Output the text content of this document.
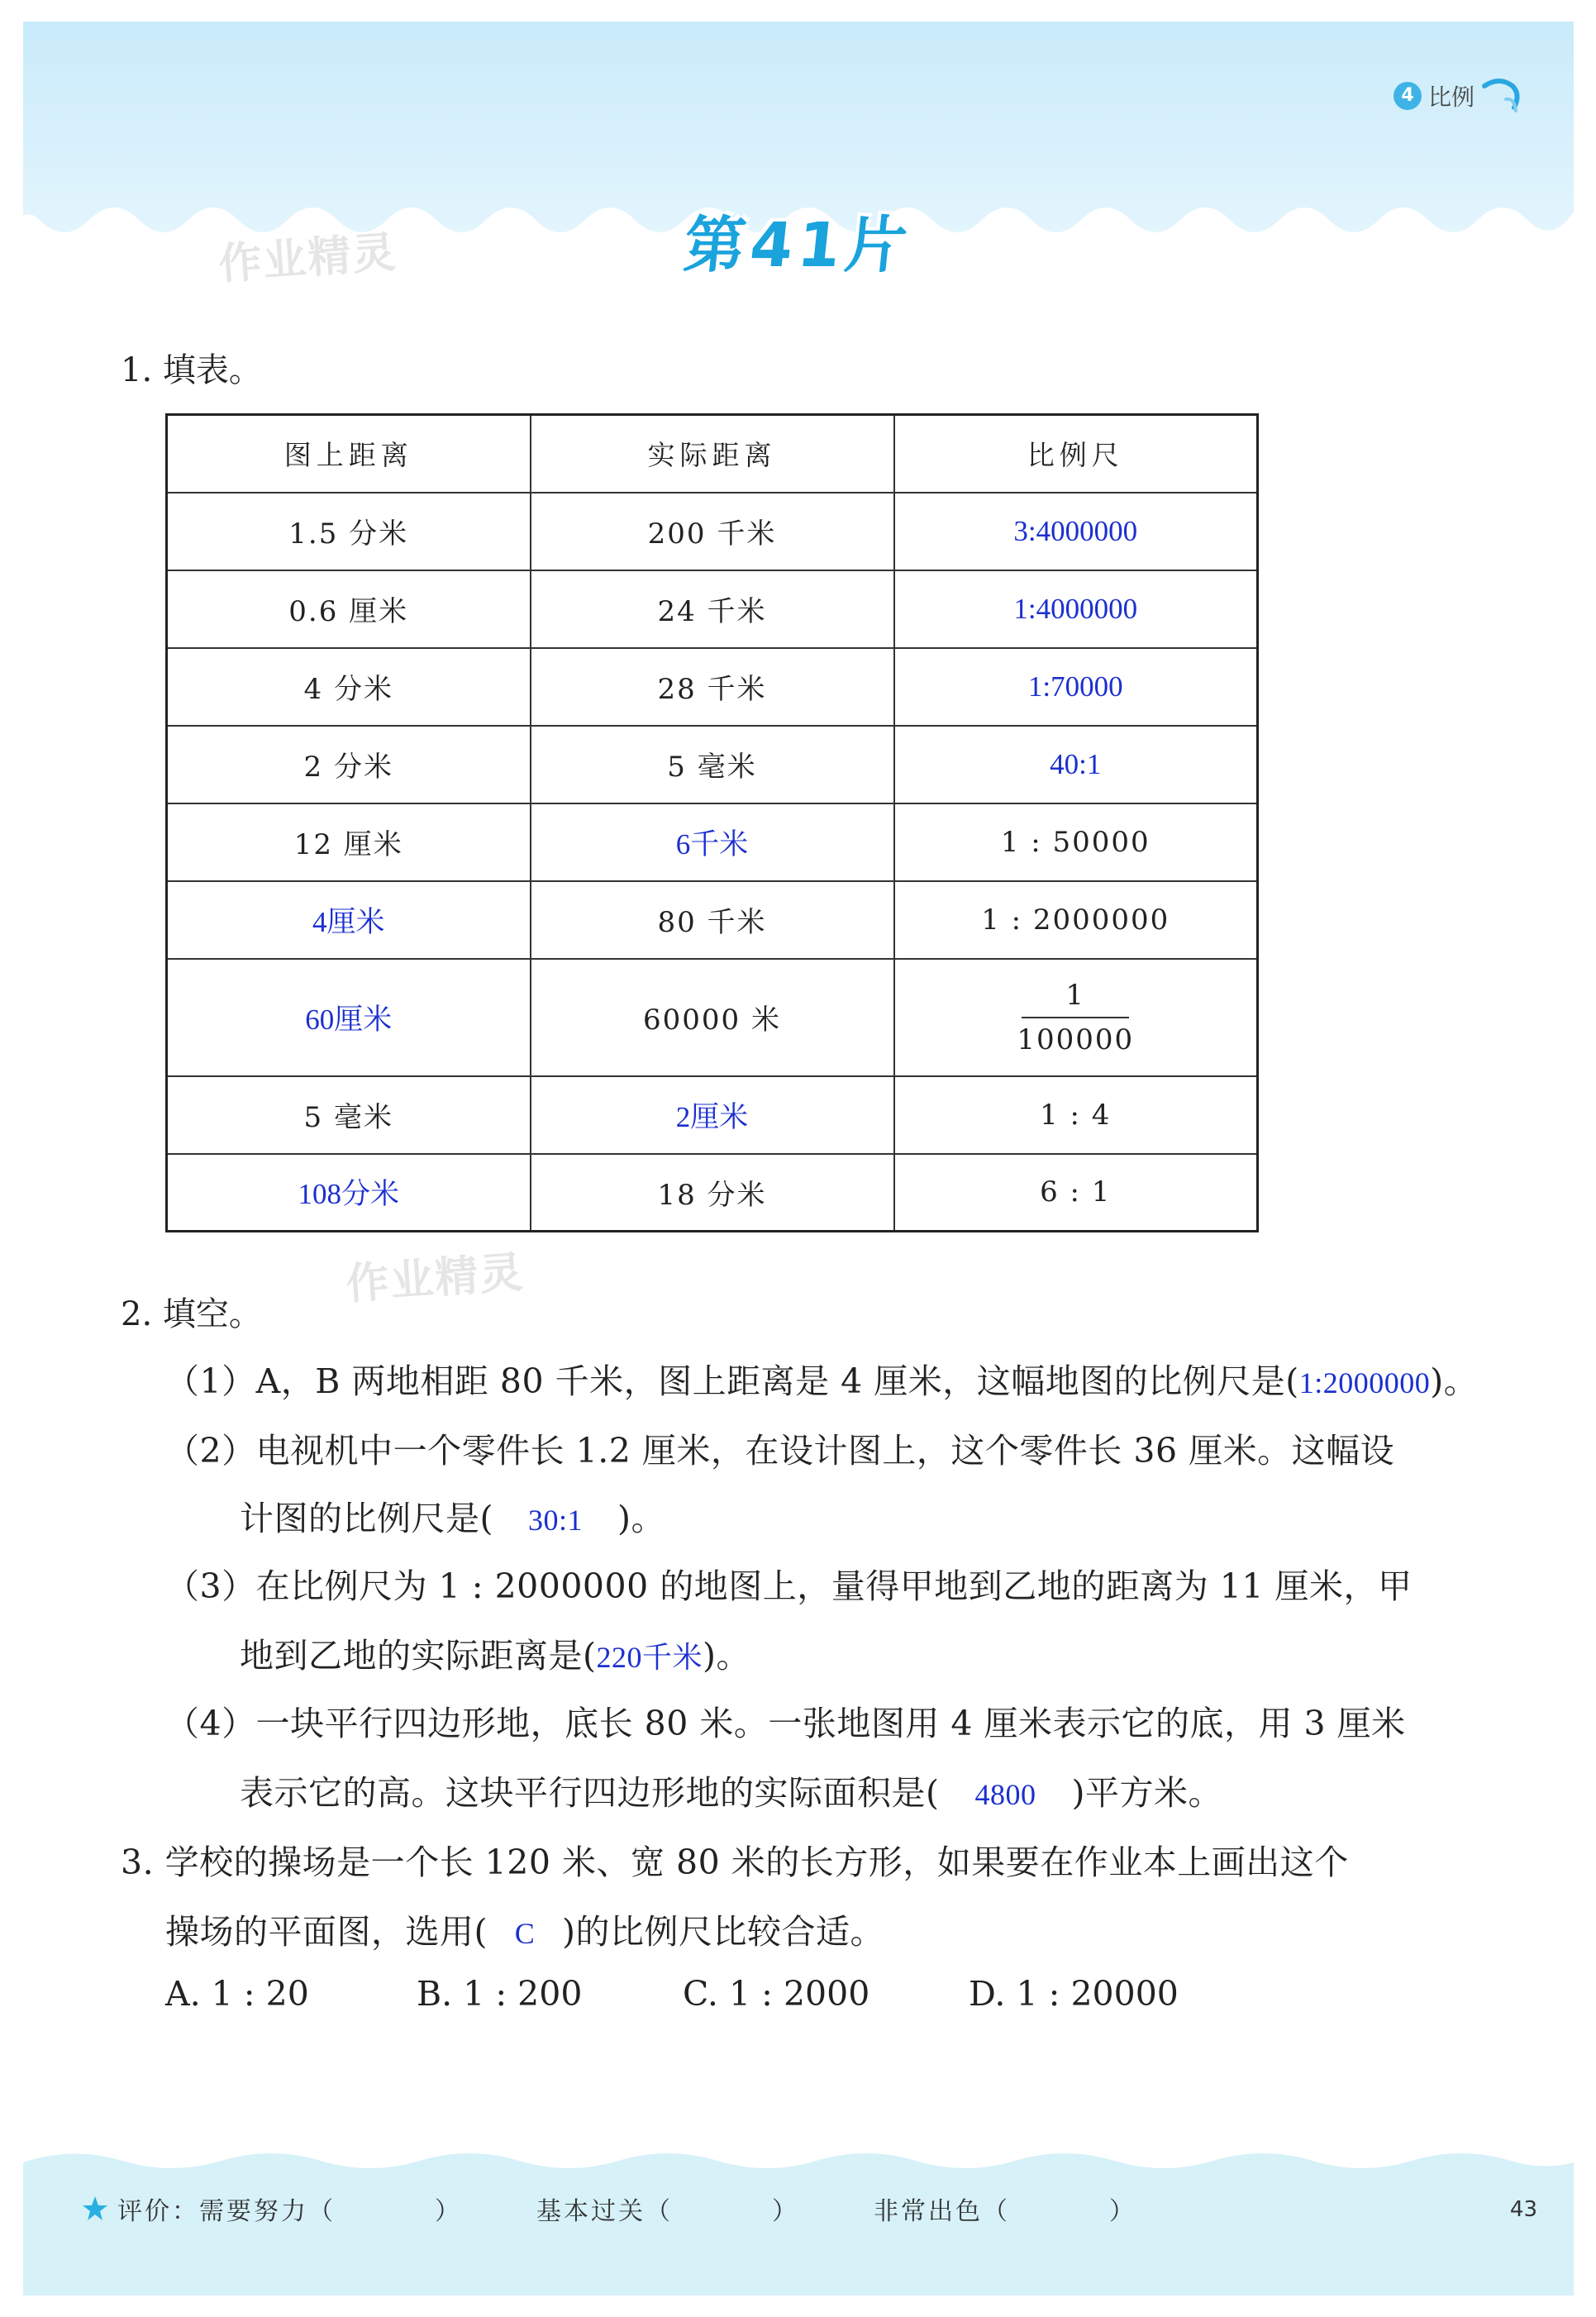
4 比例
第41片
作业精灵
1. 填表。
图上距离	实际距离	比例尺
1.5 分米	200 千米	3:4000000
0.6 厘米	24 千米	1:4000000
4 分米	28 千米	1:70000
2 分米	5 毫米	40:1
12 厘米	6千米	1 : 50000
4厘米	80 千米	1 : 2000000
60厘米	60000 米	$\frac{1}{100000}$

5 毫米	2厘米	1 : 4
108分米	18 分米	6 : 1
作业精灵
2. 填空。
（1）A，B 两地相距 80 千米，图上距离是 4 厘米，这幅地图的比例尺是(1:2000000)。
（2）电视机中一个零件长 1.2 厘米，在设计图上，这个零件长 36 厘米。这幅设
计图的比例尺是( 30:1 )。
（3）在比例尺为 1 : 2000000 的地图上，量得甲地到乙地的距离为 11 厘米，甲
地到乙地的实际距离是(220千米)。
（4）一块平行四边形地，底长 80 米。一张地图用 4 厘米表示它的底，用 3 厘米
表示它的高。这块平行四边形地的实际面积是( 4800 )平方米。
3. 学校的操场是一个长 120 米、宽 80 米的长方形，如果要在作业本上画出这个
操场的平面图，选用( C )的比例尺比较合适。
A. 1 : 20	B. 1 : 200	C. 1 : 2000	D. 1 : 20000
评价： 需要努力（	）	基本过关（	）	非常出色（	）	43
